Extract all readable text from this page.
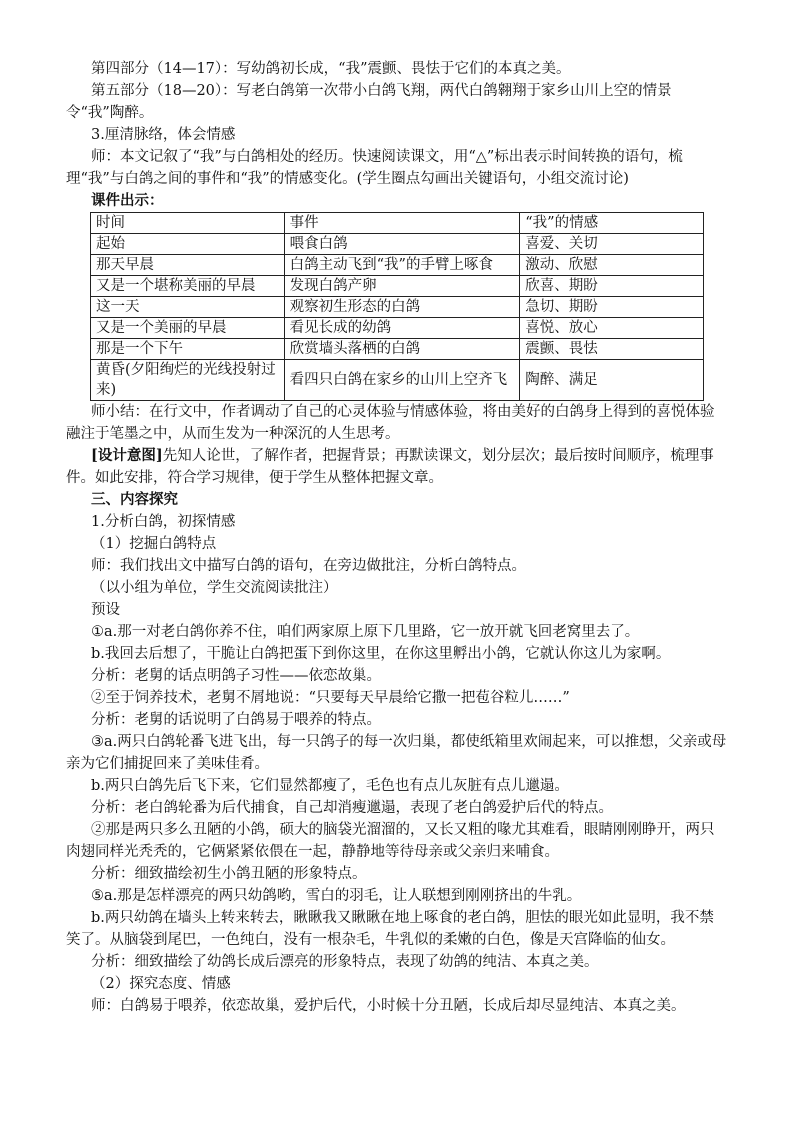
第四部分（14—17）：写幼鸽初长成，“我”震颤、畏怯于它们的本真之美。

第五部分（18—20）：写老白鸽第一次带小白鸽飞翔，两代白鸽翱翔于家乡山川上空的情景令“我”陶醉。

3.厘清脉络，体会情感

师：本文记叙了“我”与白鸽相处的经历。快速阅读课文，用“△”标出表示时间转换的语句，梳理“我”与白鸽之间的事件和“我”的情感变化。(学生圈点勾画出关键语句，小组交流讨论)

课件出示：

时间	事件	“我”的情感
起始	喂食白鸽	喜爱、关切
那天早晨	白鸽主动飞到“我”的手臂上啄食	激动、欣慰
又是一个堪称美丽的早晨	发现白鸽产卵	欣喜、期盼
这一天	观察初生形态的白鸽	急切、期盼
又是一个美丽的早晨	看见长成的幼鸽	喜悦、放心
那是一个下午	欣赏墙头落栖的白鸽	震颤、畏怯
黄昏(夕阳绚烂的光线投射过来)	看四只白鸽在家乡的山川上空齐飞	陶醉、满足

师小结：在行文中，作者调动了自己的心灵体验与情感体验，将由美好的白鸽身上得到的喜悦体验融注于笔墨之中，从而生发为一种深沉的人生思考。

[设计意图]先知人论世，了解作者，把握背景；再默读课文，划分层次；最后按时间顺序，梳理事件。如此安排，符合学习规律，便于学生从整体把握文章。

三、内容探究

1.分析白鸽，初探情感

（1）挖掘白鸽特点

师：我们找出文中描写白鸽的语句，在旁边做批注，分析白鸽特点。

（以小组为单位，学生交流阅读批注）

预设

①a.那一对老白鸽你养不住，咱们两家原上原下几里路，它一放开就飞回老窝里去了。

b.我回去后想了，干脆让白鸽把蛋下到你这里，在你这里孵出小鸽，它就认你这儿为家啊。

分析：老舅的话点明鸽子习性——依恋故巢。

②至于饲养技术，老舅不屑地说：“只要每天早晨给它撒一把苞谷粒儿……”

分析：老舅的话说明了白鸽易于喂养的特点。

③a.两只白鸽轮番飞进飞出，每一只鸽子的每一次归巢，都使纸箱里欢闹起来，可以推想，父亲或母亲为它们捕捉回来了美味佳肴。

b.两只白鸽先后飞下来，它们显然都瘦了，毛色也有点儿灰脏有点儿邋遢。

分析：老白鸽轮番为后代捕食，自己却消瘦邋遢，表现了老白鸽爱护后代的特点。

②那是两只多么丑陋的小鸽，硕大的脑袋光溜溜的，又长又粗的喙尤其难看，眼睛刚刚睁开，两只肉翅同样光秃秃的，它俩紧紧依偎在一起，静静地等待母亲或父亲归来哺食。

分析：细致描绘初生小鸽丑陋的形象特点。

⑤a.那是怎样漂亮的两只幼鸽哟，雪白的羽毛，让人联想到刚刚挤出的牛乳。

b.两只幼鸽在墙头上转来转去，瞅瞅我又瞅瞅在地上啄食的老白鸽，胆怯的眼光如此显明，我不禁笑了。从脑袋到尾巴，一色纯白，没有一根杂毛，牛乳似的柔嫩的白色，像是天宫降临的仙女。

分析：细致描绘了幼鸽长成后漂亮的形象特点，表现了幼鸽的纯洁、本真之美。

（2）探究态度、情感

师：白鸽易于喂养，依恋故巢，爱护后代，小时候十分丑陋，长成后却尽显纯洁、本真之美。
